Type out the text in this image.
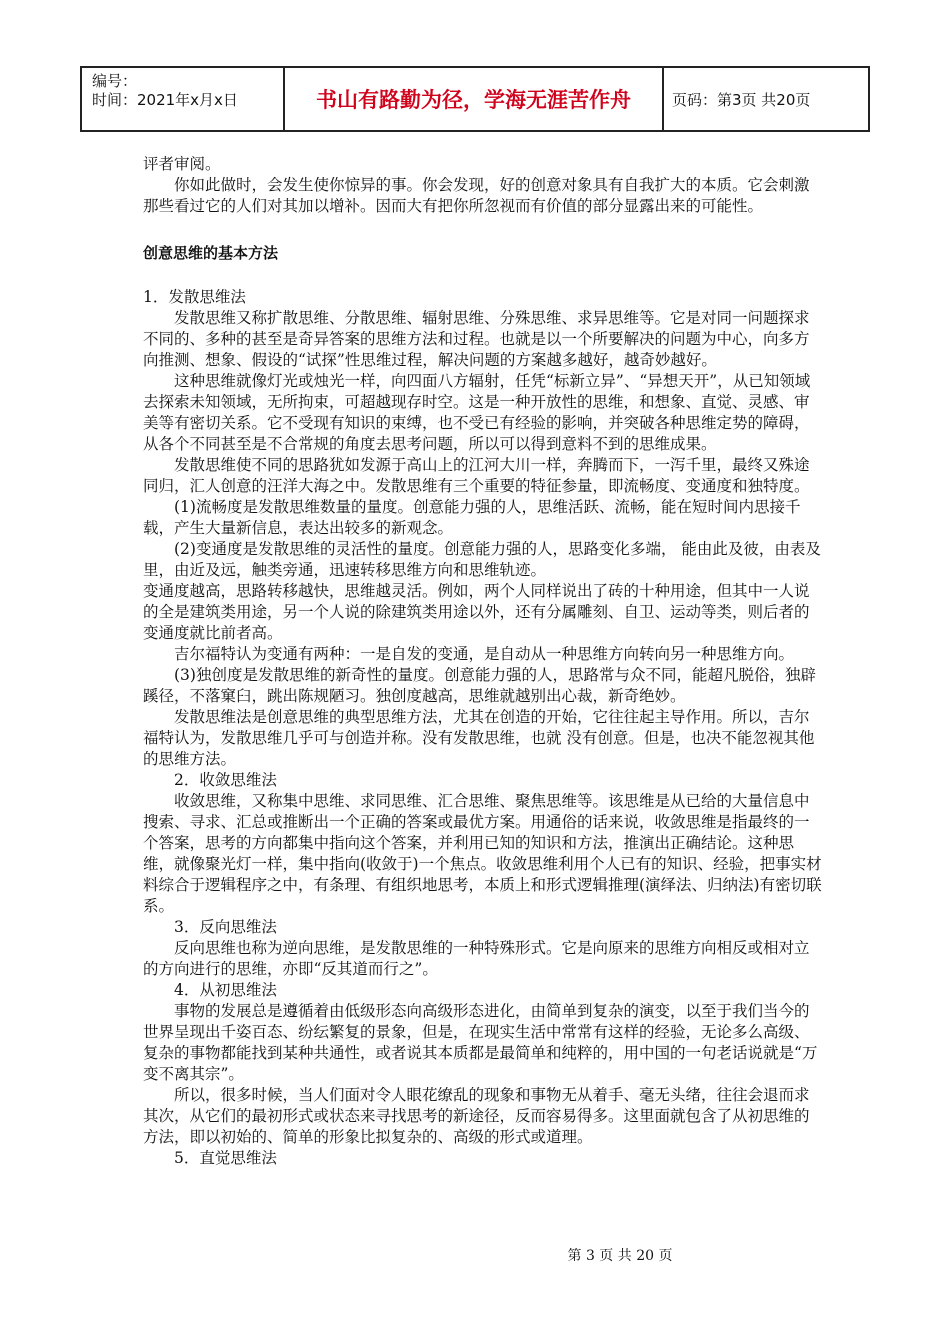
编号：
时间：2021年x月x日	书山有路勤为径，学海无涯苦作舟	页码：第3页 共20页

评者审阅。

你如此做时，会发生使你惊异的事。你会发现，好的创意对象具有自我扩大的本质。它会刺激那些看过它的人们对其加以增补。因而大有把你所忽视而有价值的部分显露出来的可能性。

创意思维的基本方法

1．发散思维法

发散思维又称扩散思维、分散思维、辐射思维、分殊思维、求异思维等。它是对同一问题探求不同的、多种的甚至是奇异答案的思维方法和过程。也就是以一个所要解决的问题为中心，向多方向推测、想象、假设的“试探”性思维过程，解决问题的方案越多越好，越奇妙越好。

这种思维就像灯光或烛光一样，向四面八方辐射，任凭“标新立异”、“异想天开”，从已知领域去探索未知领域，无所拘束，可超越现存时空。这是一种开放性的思维，和想象、直觉、灵感、审美等有密切关系。它不受现有知识的束缚，也不受已有经验的影响，并突破各种思维定势的障碍，从各个不同甚至是不合常规的角度去思考问题，所以可以得到意料不到的思维成果。

发散思维使不同的思路犹如发源于高山上的江河大川一样，奔腾而下，一泻千里，最终又殊途同归，汇人创意的汪洋大海之中。发散思维有三个重要的特征参量，即流畅度、变通度和独特度。

(1)流畅度是发散思维数量的量度。创意能力强的人，思维活跃、流畅，能在短时间内思接千载，产生大量新信息，表达出较多的新观念。

(2)变通度是发散思维的灵活性的量度。创意能力强的人，思路变化多端， 能由此及彼，由表及里，由近及远，触类旁通，迅速转移思维方向和思维轨迹。

变通度越高，思路转移越快，思维越灵活。例如，两个人同样说出了砖的十种用途，但其中一人说的全是建筑类用途，另一个人说的除建筑类用途以外，还有分属雕刻、自卫、运动等类，则后者的变通度就比前者高。

吉尔福特认为变通有两种：一是自发的变通，是自动从一种思维方向转向另一种思维方向。

(3)独创度是发散思维的新奇性的量度。创意能力强的人，思路常与众不同，能超凡脱俗，独辟蹊径，不落窠臼，跳出陈规陋习。独创度越高，思维就越别出心裁，新奇绝妙。

发散思维法是创意思维的典型思维方法，尤其在创造的开始，它往往起主导作用。所以，吉尔福特认为，发散思维几乎可与创造并称。没有发散思维，也就 没有创意。但是，也决不能忽视其他的思维方法。

2．收敛思维法

收敛思维，又称集中思维、求同思维、汇合思维、聚焦思维等。该思维是从已给的大量信息中搜索、寻求、汇总或推断出一个正确的答案或最优方案。用通俗的话来说，收敛思维是指最终的一个答案，思考的方向都集中指向这个答案，并利用已知的知识和方法，推演出正确结论。这种思维，就像聚光灯一样，集中指向(收敛于)一个焦点。收敛思维利用个人已有的知识、经验，把事实材料综合于逻辑程序之中，有条理、有组织地思考，本质上和形式逻辑推理(演绎法、归纳法)有密切联系。

3．反向思维法

反向思维也称为逆向思维，是发散思维的一种特殊形式。它是向原来的思维方向相反或相对立的方向进行的思维，亦即“反其道而行之”。

4．从初思维法

事物的发展总是遵循着由低级形态向高级形态进化，由简单到复杂的演变，以至于我们当今的世界呈现出千姿百态、纷纭繁复的景象，但是，在现实生活中常常有这样的经验，无论多么高级、复杂的事物都能找到某种共通性，或者说其本质都是最简单和纯粹的，用中国的一句老话说就是“万变不离其宗”。

所以，很多时候，当人们面对令人眼花缭乱的现象和事物无从着手、毫无头绪，往往会退而求其次，从它们的最初形式或状态来寻找思考的新途径，反而容易得多。这里面就包含了从初思维的方法，即以初始的、简单的形象比拟复杂的、高级的形式或道理。

5．直觉思维法

第 3 页 共 20 页
